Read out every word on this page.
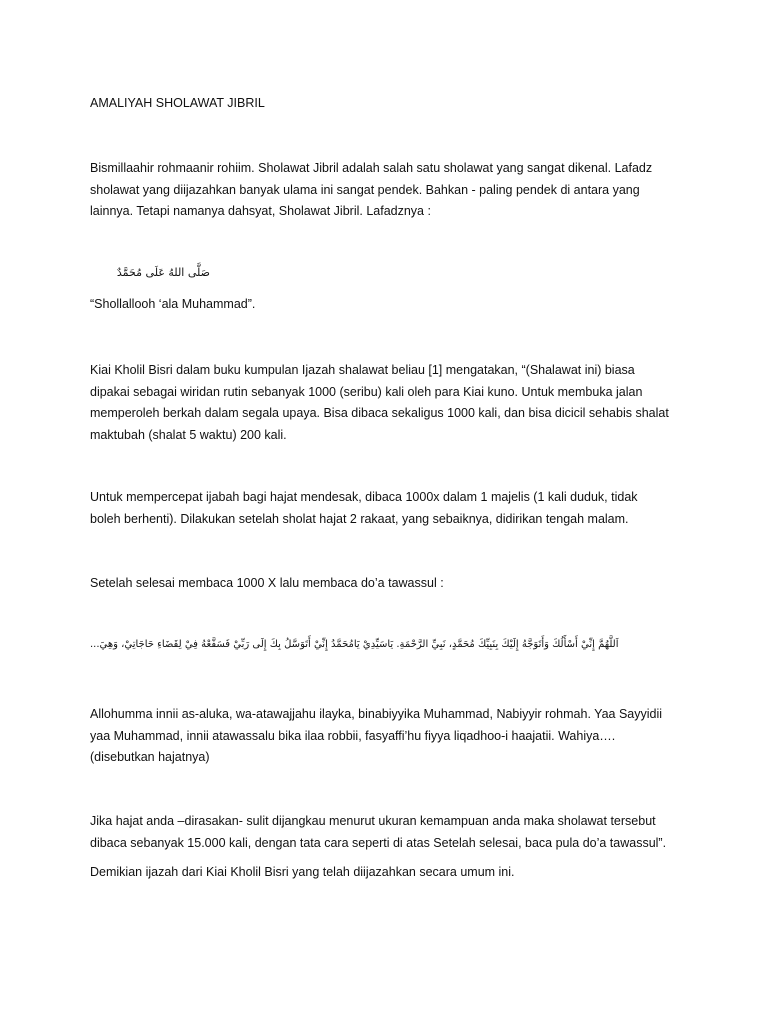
AMALIYAH SHOLAWAT JIBRIL
Bismillaahir rohmaanir rohiim. Sholawat Jibril adalah salah satu sholawat yang sangat dikenal. Lafadz sholawat yang diijazahkan banyak ulama ini sangat pendek. Bahkan - paling pendek di antara yang lainnya. Tetapi namanya dahsyat, Sholawat Jibril. Lafadznya :
صَلَّى اللهُ عَلَى مُحَمَّدٌ
“Shollallooh ‘ala Muhammad”.
Kiai Kholil Bisri dalam buku kumpulan Ijazah shalawat beliau [1] mengatakan, “(Shalawat ini) biasa dipakai sebagai wiridan rutin sebanyak 1000 (seribu) kali oleh para Kiai kuno. Untuk membuka jalan memperoleh berkah dalam segala upaya. Bisa dibaca sekaligus 1000 kali, dan bisa dicicil sehabis shalat maktubah (shalat 5 waktu) 200 kali.
Untuk mempercepat ijabah bagi hajat mendesak, dibaca 1000x dalam 1 majelis (1 kali duduk, tidak boleh berhenti). Dilakukan setelah sholat hajat 2 rakaat, yang sebaiknya, didirikan tengah malam.
Setelah selesai membaca 1000 X lalu membaca do’a tawassul :
اَللَّهُمَّ إِنِّيْ أَسْأَلُكَ وَأَتَوَجَّهُ إِلَيْكَ بِنَبِيِّكَ مُحَمَّدٍ، نَبِيِّ الرَّحْمَةِ. يَاسَيِّدِيْ يَامُحَمَّدُ إِنِّيْ أَتَوَسَّلُ بِكَ إِلَى رَبِّيْ فَسَفَّعْهُ فِيْ لِقَضَاءِ حَاجَاتِيْ، وَهِيَ...
Allohumma innii as-aluka, wa-atawajjahu ilayka, binabiyyika Muhammad, Nabiyyir rohmah. Yaa Sayyidii yaa Muhammad, innii atawassalu bika ilaa robbii, fasyaffi’hu fiyya liqadhoo-i haajatii. Wahiya…. (disebutkan hajatnya)
Jika hajat anda –dirasakan- sulit dijangkau menurut ukuran kemampuan anda maka sholawat tersebut dibaca sebanyak 15.000 kali, dengan tata cara seperti di atas Setelah selesai, baca pula do’a tawassul”.
Demikian ijazah dari Kiai Kholil Bisri yang telah diijazahkan secara umum ini.
